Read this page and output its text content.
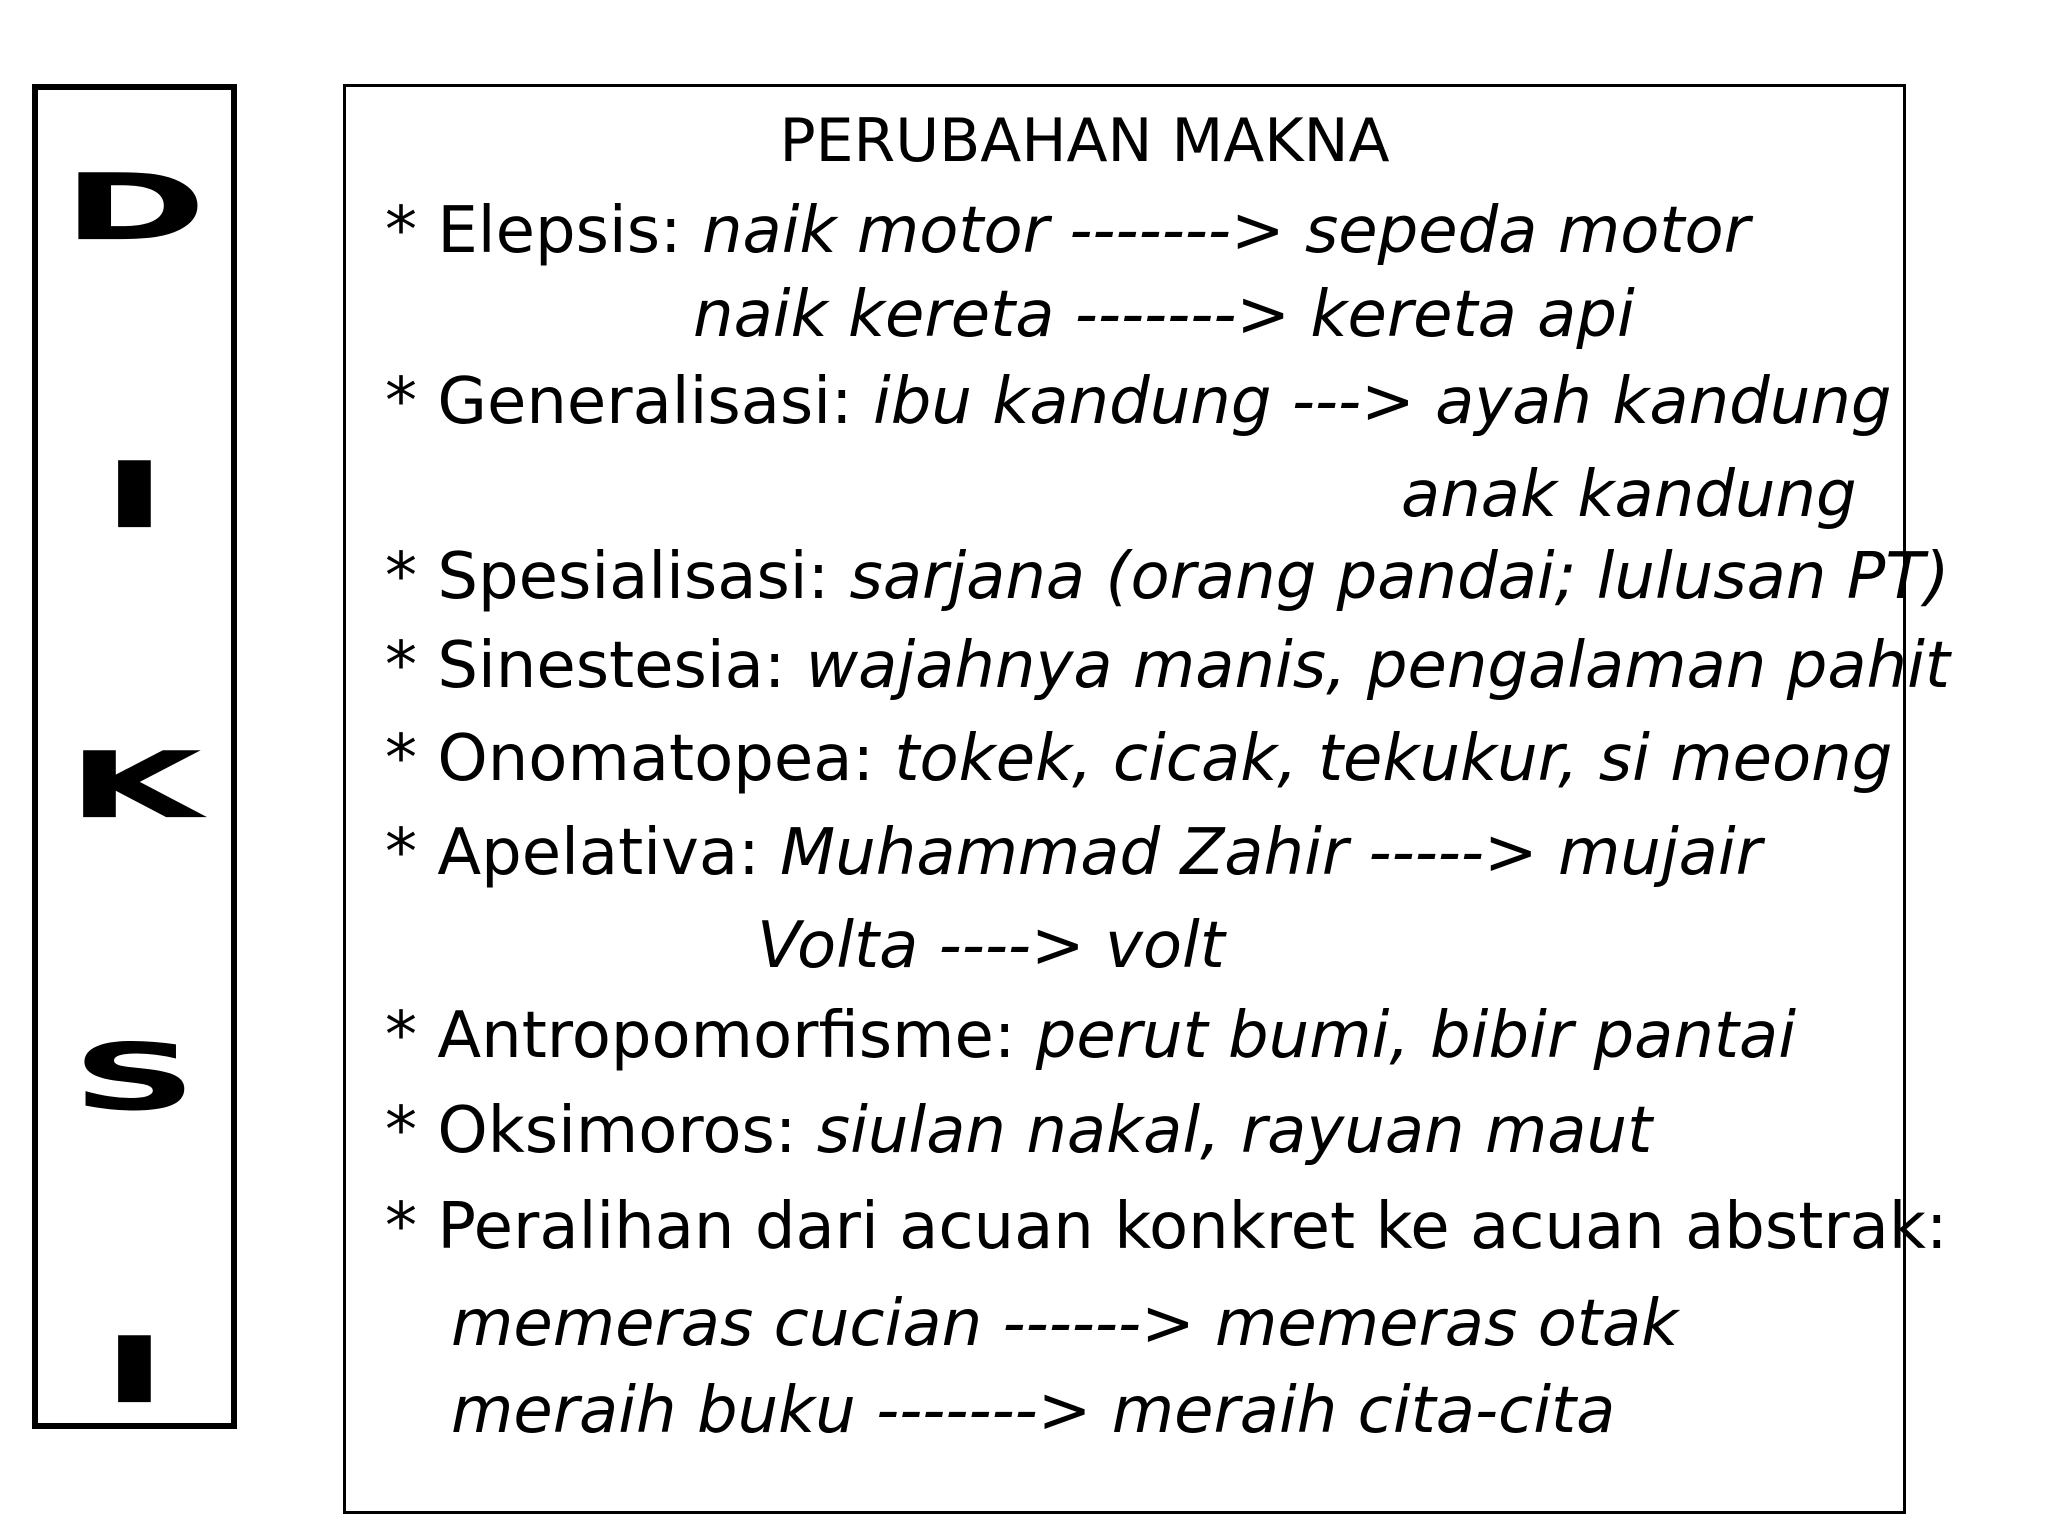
D
I
K
S
I
PERUBAHAN MAKNA
* Elepsis: naik motor -------> sepeda motor
naik kereta -------> kereta api
* Generalisasi: ibu kandung ---> ayah kandung
anak kandung
* Spesialisasi: sarjana (orang pandai; lulusan PT)
* Sinestesia: wajahnya manis, pengalaman pahit
* Onomatopea: tokek, cicak, tekukur, si meong
* Apelativa: Muhammad Zahir -----> mujair
Volta ----> volt
* Antropomorfisme: perut bumi, bibir pantai
* Oksimoros: siulan nakal, rayuan maut
* Peralihan dari acuan konkret ke acuan abstrak:
memeras cucian ------> memeras otak
meraih buku -------> meraih cita-cita
